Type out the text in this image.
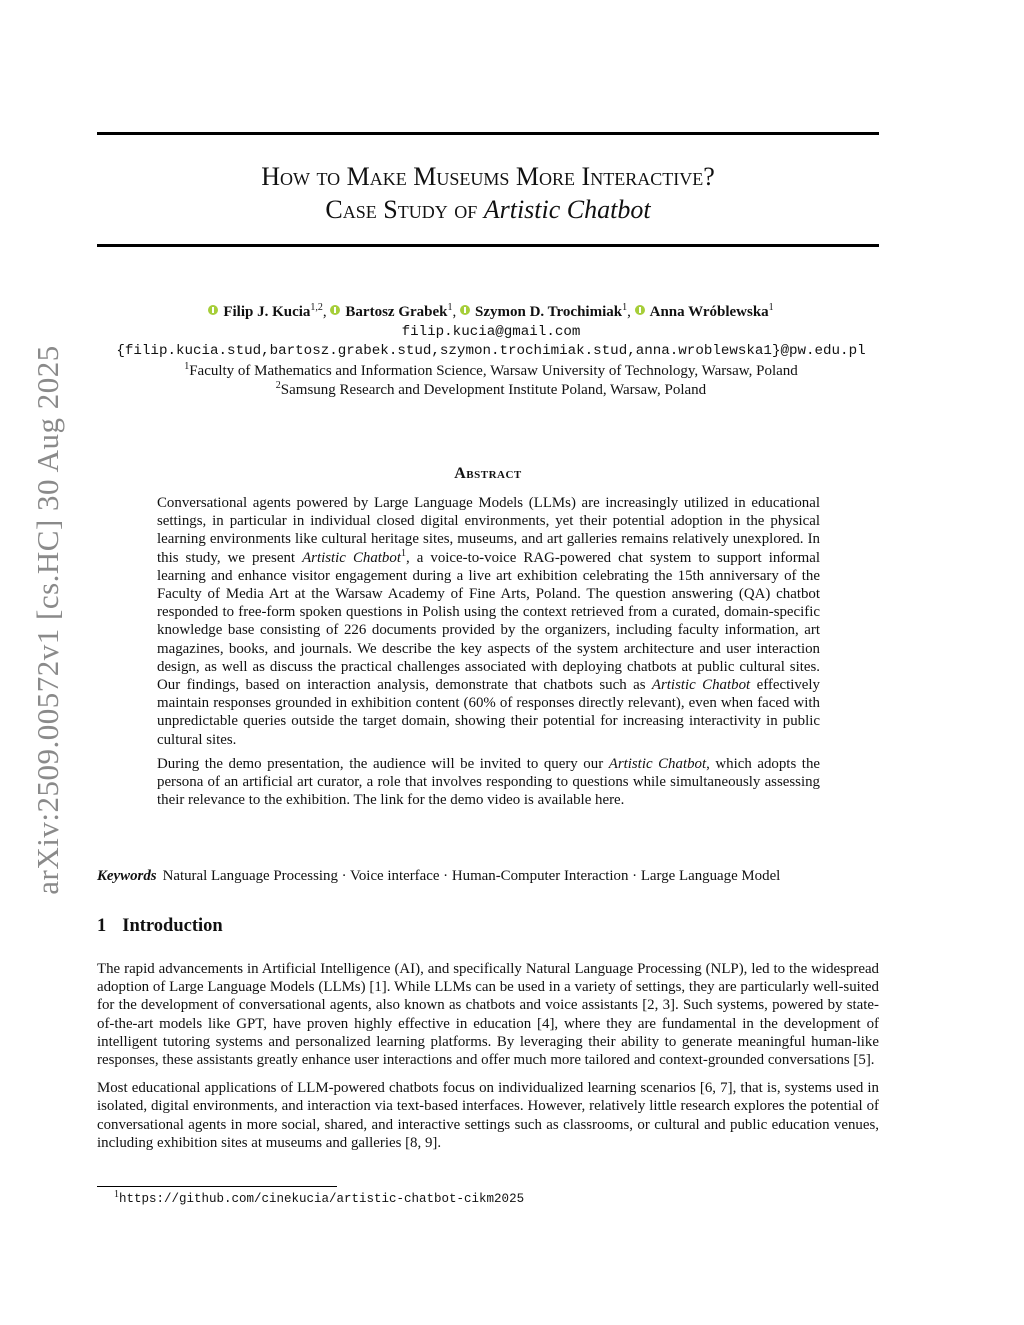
arXiv:2509.00572v1 [cs.HC] 30 Aug 2025
How to Make Museums More Interactive?
Case Study of Artistic Chatbot
Filip J. Kucia$^{1,2}$, Bartosz Grabek$^1$, Szymon D. Trochimiak$^1$, Anna Wróblewska$^1$
filip.kucia@gmail.com
{filip.kucia.stud,bartosz.grabek.stud,szymon.trochimiak.stud,anna.wroblewska1}@pw.edu.pl
$^1$Faculty of Mathematics and Information Science, Warsaw University of Technology, Warsaw, Poland
$^2$Samsung Research and Development Institute Poland, Warsaw, Poland
Abstract

Conversational agents powered by Large Language Models (LLMs) are increasingly utilized in educational settings, in particular in individual closed digital environments, yet their potential adoption in the physical learning environments like cultural heritage sites, museums, and art galleries remains relatively unexplored. In this study, we present Artistic Chatbot$^1$, a voice-to-voice RAG-powered chat system to support informal learning and enhance visitor engagement during a live art exhibition celebrating the 15th anniversary of the Faculty of Media Art at the Warsaw Academy of Fine Arts, Poland. The question answering (QA) chatbot responded to free-form spoken questions in Polish using the context retrieved from a curated, domain-specific knowledge base consisting of 226 documents provided by the organizers, including faculty information, art magazines, books, and journals. We describe the key aspects of the system architecture and user interaction design, as well as discuss the practical challenges associated with deploying chatbots at public cultural sites. Our findings, based on interaction analysis, demonstrate that chatbots such as Artistic Chatbot effectively maintain responses grounded in exhibition content (60% of responses directly relevant), even when faced with unpredictable queries outside the target domain, showing their potential for increasing interactivity in public cultural sites.

During the demo presentation, the audience will be invited to query our Artistic Chatbot, which adopts the persona of an artificial art curator, a role that involves responding to questions while simultaneously assessing their relevance to the exhibition. The link for the demo video is available here.

Keywords Natural Language Processing · Voice interface · Human-Computer Interaction · Large Language Model
1 Introduction

The rapid advancements in Artificial Intelligence (AI), and specifically Natural Language Processing (NLP), led to the widespread adoption of Large Language Models (LLMs) [1]. While LLMs can be used in a variety of settings, they are particularly well-suited for the development of conversational agents, also known as chatbots and voice assistants [2, 3]. Such systems, powered by state-of-the-art models like GPT, have proven highly effective in education [4], where they are fundamental in the development of intelligent tutoring systems and personalized learning platforms. By leveraging their ability to generate meaningful human-like responses, these assistants greatly enhance user interactions and offer much more tailored and context-grounded conversations [5].

Most educational applications of LLM-powered chatbots focus on individualized learning scenarios [6, 7], that is, systems used in isolated, digital environments, and interaction via text-based interfaces. However, relatively little research explores the potential of conversational agents in more social, shared, and interactive settings such as classrooms, or cultural and public education venues, including exhibition sites at museums and galleries [8, 9].

$^1$https://github.com/cinekucia/artistic-chatbot-cikm2025
